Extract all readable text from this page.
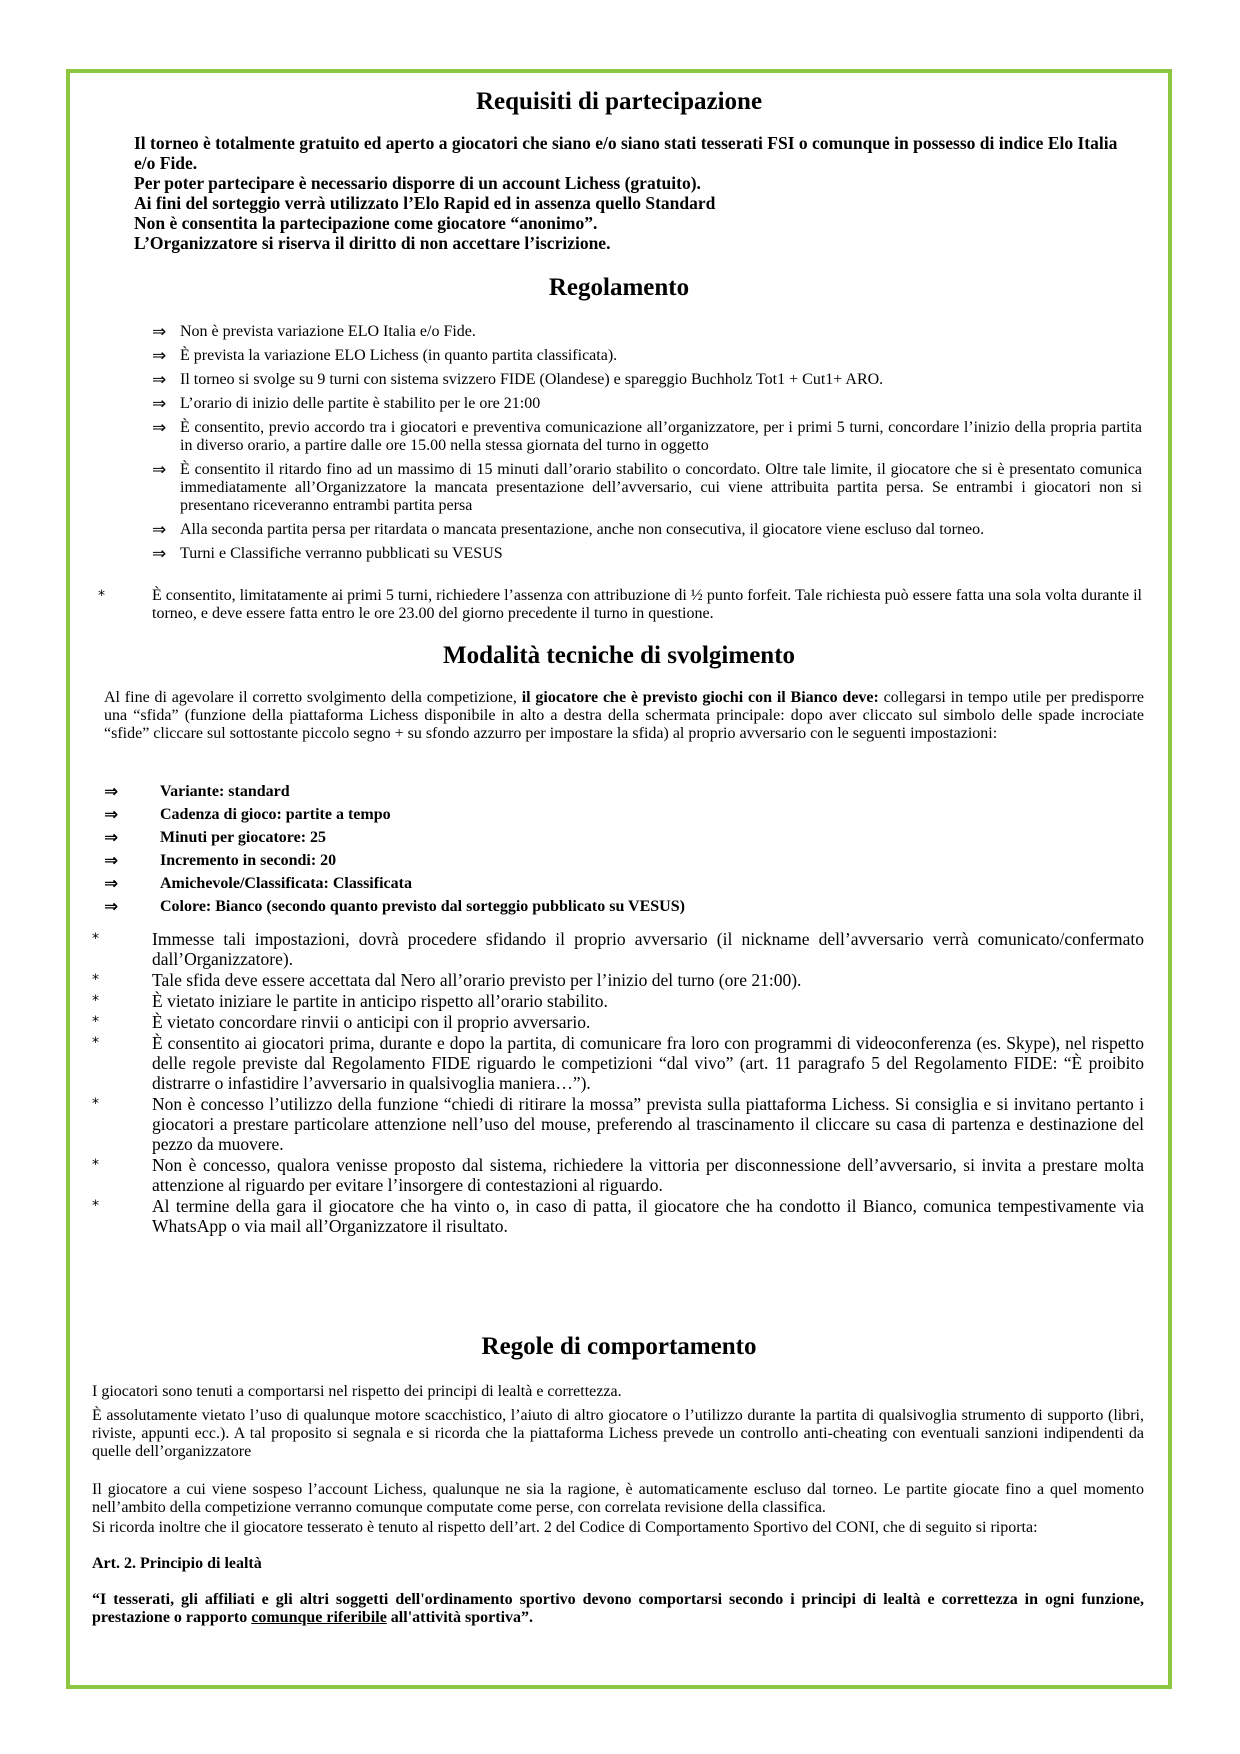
Requisiti di partecipazione

Il torneo è totalmente gratuito ed aperto a giocatori che siano e/o siano stati tesserati FSI o comunque in possesso di indice Elo Italia e/o Fide.

Per poter partecipare è necessario disporre di un account Lichess (gratuito).

Ai fini del sorteggio verrà utilizzato l’Elo Rapid ed in assenza quello Standard

Non è consentita la partecipazione come giocatore “anonimo”.

L’Organizzatore si riserva il diritto di non accettare l’iscrizione.

Regolamento
⇒ Non è prevista variazione ELO Italia e/o Fide.
⇒ È prevista la variazione ELO Lichess (in quanto partita classificata).
⇒ Il torneo si svolge su 9 turni con sistema svizzero FIDE (Olandese) e spareggio Buchholz Tot1 + Cut1+ ARO.
⇒ L’orario di inizio delle partite è stabilito per le ore 21:00
⇒ È consentito, previo accordo tra i giocatori e preventiva comunicazione all’organizzatore, per i primi 5 turni, concordare l’inizio della propria partita in diverso orario, a partire dalle ore 15.00 nella stessa giornata del turno in oggetto
⇒ È consentito il ritardo fino ad un massimo di 15 minuti dall’orario stabilito o concordato. Oltre tale limite, il giocatore che si è presentato comunica immediatamente all’Organizzatore la mancata presentazione dell’avversario, cui viene attribuita partita persa. Se entrambi i giocatori non si presentano riceveranno entrambi partita persa
⇒ Alla seconda partita persa per ritardata o mancata presentazione, anche non consecutiva, il giocatore viene escluso dal torneo.
⇒ Turni e Classifiche verranno pubblicati su VESUS
*	È consentito, limitatamente ai primi 5 turni, richiedere l’assenza con attribuzione di ½ punto forfeit. Tale richiesta può essere fatta una sola volta durante il torneo, e deve essere fatta entro le ore 23.00 del giorno precedente il turno in questione.
Modalità tecniche di svolgimento
Al fine di agevolare il corretto svolgimento della competizione, il giocatore che è previsto giochi con il Bianco deve: collegarsi in tempo utile per predisporre una “sfida” (funzione della piattaforma Lichess disponibile in alto a destra della schermata principale: dopo aver cliccato sul simbolo delle spade incrociate “sfide” cliccare sul sottostante piccolo segno + su sfondo azzurro per impostare la sfida) al proprio avversario con le seguenti impostazioni:
⇒	Variante: standard
⇒	Cadenza di gioco: partite a tempo
⇒	Minuti per giocatore: 25
⇒	Incremento in secondi: 20
⇒	Amichevole/Classificata: Classificata
⇒	Colore: Bianco (secondo quanto previsto dal sorteggio pubblicato su VESUS)
*	Immesse tali impostazioni, dovrà procedere sfidando il proprio avversario (il nickname dell’avversario verrà comunicato/confermato dall’Organizzatore).
*	Tale sfida deve essere accettata dal Nero all’orario previsto per l’inizio del turno (ore 21:00).
*	È vietato iniziare le partite in anticipo rispetto all’orario stabilito.
*	È vietato concordare rinvii o anticipi con il proprio avversario.
*	È consentito ai giocatori prima, durante e dopo la partita, di comunicare fra loro con programmi di videoconferenza (es. Skype), nel rispetto delle regole previste dal Regolamento FIDE riguardo le competizioni “dal vivo” (art. 11 paragrafo 5 del Regolamento FIDE: “È proibito distrarre o infastidire l’avversario in qualsivoglia maniera…”).
*	Non è concesso l’utilizzo della funzione “chiedi di ritirare la mossa” prevista sulla piattaforma Lichess. Si consiglia e si invitano pertanto i giocatori a prestare particolare attenzione nell’uso del mouse, preferendo al trascinamento il cliccare su casa di partenza e destinazione del pezzo da muovere.
*	Non è concesso, qualora venisse proposto dal sistema, richiedere la vittoria per disconnessione dell’avversario, si invita a prestare molta attenzione al riguardo per evitare l’insorgere di contestazioni al riguardo.
*	Al termine della gara il giocatore che ha vinto o, in caso di patta, il giocatore che ha condotto il Bianco, comunica tempestivamente via WhatsApp o via mail all’Organizzatore il risultato.
Regole di comportamento

I giocatori sono tenuti a comportarsi nel rispetto dei principi di lealtà e correttezza.

È assolutamente vietato l’uso di qualunque motore scacchistico, l’aiuto di altro giocatore o l’utilizzo durante la partita di qualsivoglia strumento di supporto (libri, riviste, appunti ecc.). A tal proposito si segnala e si ricorda che la piattaforma Lichess prevede un controllo anti-cheating con eventuali sanzioni indipendenti da quelle dell’organizzatore

Il giocatore a cui viene sospeso l’account Lichess, qualunque ne sia la ragione, è automaticamente escluso dal torneo. Le partite giocate fino a quel momento nell’ambito della competizione verranno comunque computate come perse, con correlata revisione della classifica.

Si ricorda inoltre che il giocatore tesserato è tenuto al rispetto dell’art. 2 del Codice di Comportamento Sportivo del CONI, che di seguito si riporta:

Art. 2. Principio di lealtà

“I tesserati, gli affiliati e gli altri soggetti dell'ordinamento sportivo devono comportarsi secondo i principi di lealtà e correttezza in ogni funzione, prestazione o rapporto comunque riferibile all'attività sportiva”.
